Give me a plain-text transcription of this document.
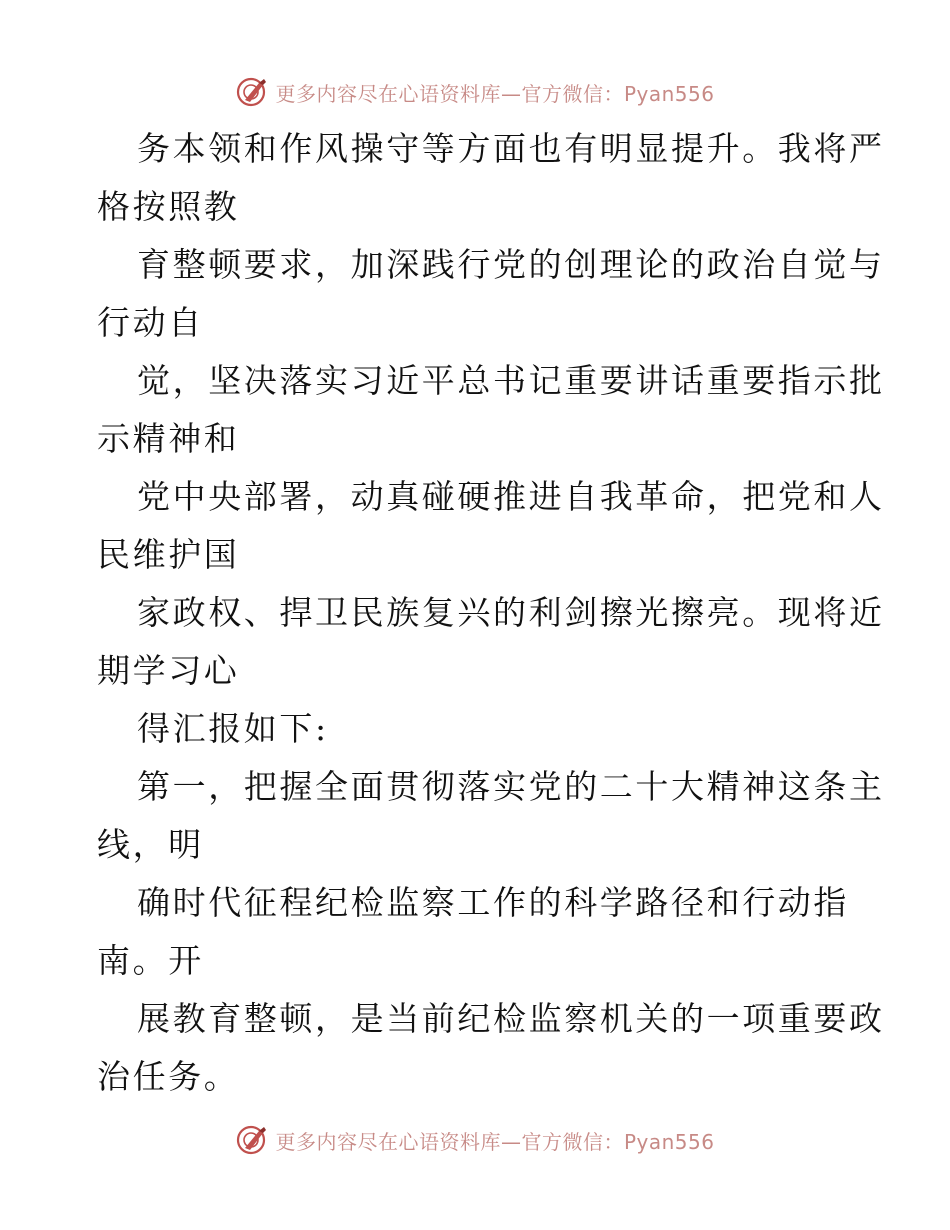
更多内容尽在心语资料库—官方微信：Pyan556
务本领和作风操守等方面也有明显提升。我将严
格按照教
育整顿要求，加深践行党的创理论的政治自觉与
行动自
觉，坚决落实习近平总书记重要讲话重要指示批
示精神和
党中央部署，动真碰硬推进自我革命，把党和人
民维护国
家政权、捍卫民族复兴的利剑擦光擦亮。现将近
期学习心
得汇报如下:
第一，把握全面贯彻落实党的二十大精神这条主
线，明
确时代征程纪检监察工作的科学路径和行动指
南。开
展教育整顿，是当前纪检监察机关的一项重要政
治任务。
更多内容尽在心语资料库—官方微信：Pyan556
